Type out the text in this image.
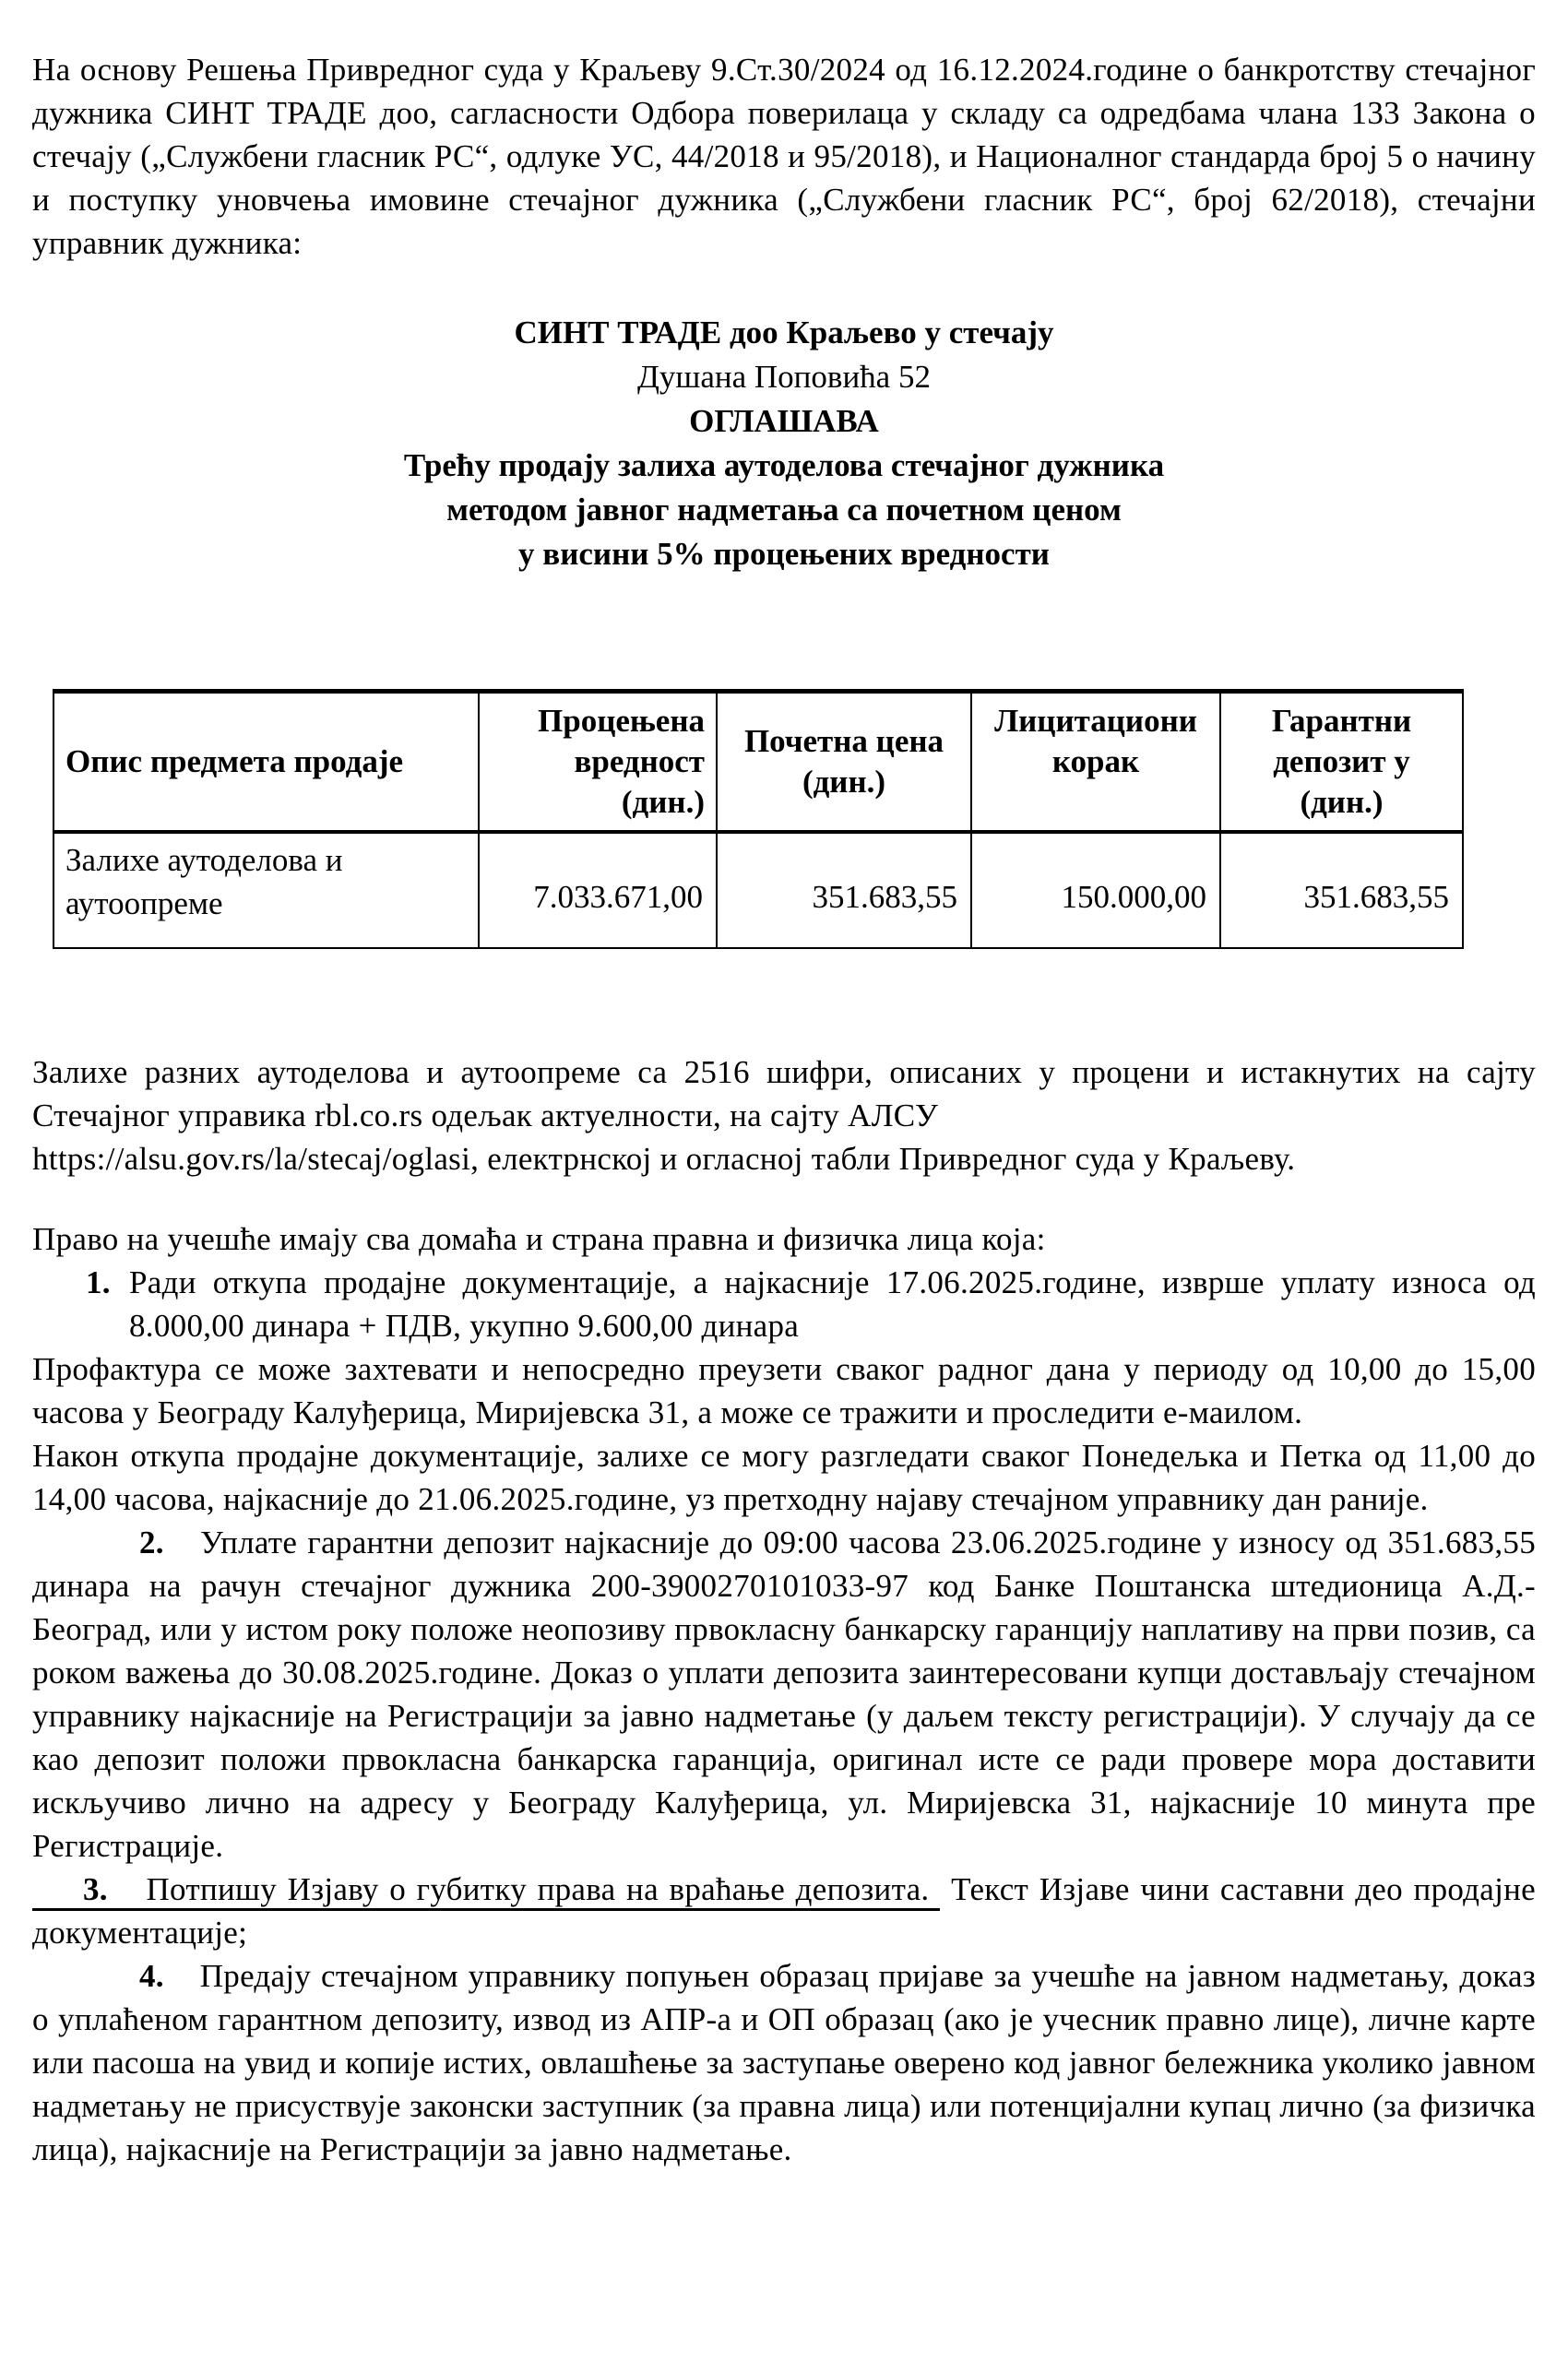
На основу Решења Привредног суда у Краљеву 9.Ст.30/2024 од 16.12.2024.године о банкротству стечајног дужника СИНТ ТРАДЕ доо, сагласности Одбора поверилаца у складу са одредбама члана 133 Закона о стечају („Службени гласник РС“, одлуке УС, 44/2018 и 95/2018), и Националног стандарда број 5 о начину и поступку уновчења имовине стечајног дужника („Службени гласник РС“, број 62/2018), стечајни управник дужника:

СИНТ ТРАДЕ доо Краљево у стечају
Душана Поповића 52
ОГЛАШАВА
Трећу продају залиха аутоделова стечајног дужника
методом јавног надметања са почетном ценом
у висини 5% процењених вредности
Опис предмета продаје	Процењена вредност (дин.)	Почетна цена (дин.)	Лицитациони корак	Гарантни депозит у (дин.)
Залихе аутоделова и аутоопреме	7.033.671,00	351.683,55	150.000,00	351.683,55

Залихе разних аутоделова и аутоопреме са 2516 шифри, описаних у процени и истакнутих на сајту Стечајног управика rbl.co.rs одељак актуелности, на сајту АЛСУ
https://alsu.gov.rs/la/stecaj/oglasi, електрнској и огласној табли Привредног суда у Краљеву.

Право на учешће имају сва домаћа и страна правна и физичка лица која:

1. Ради откупа продајне документације, а најкасније 17.06.2025.године, изврше уплату износа од 8.000,00 динара + ПДВ, укупно 9.600,00 динара

Профактура се може захтевати и непосредно преузети сваког радног дана у периоду од 10,00 до 15,00 часова у Београду Калуђерица, Миријевска 31, а може се тражити и проследити е-маилом.

Након откупа продајне документације, залихе се могу разгледати сваког Понедељка и Петка од 11,00 до 14,00 часова, најкасније до 21.06.2025.године, уз претходну најаву стечајном управнику дан раније.

2. Уплате гарантни депозит најкасније до 09:00 часова 23.06.2025.године у износу од 351.683,55 динара на рачун стечајног дужника 200-3900270101033-97 код Банке Поштанска штедионица А.Д.- Београд, или у истом року положе неопозиву првокласну банкарску гаранцију наплативу на први позив, са роком важења до 30.08.2025.године. Доказ о уплати депозита заинтересовани купци достављају стечајном управнику најкасније на Регистрацији за јавно надметање (у даљем тексту регистрацији). У случају да се као депозит положи првокласна банкарска гаранција, оригинал исте се ради провере мора доставити искључиво лично на адресу у Београду Калуђерица, ул. Миријевска 31, најкасније 10 минута пре Регистрације.

3. Потпишу Изјаву о губитку права на враћање депозита. Текст Изјаве чини саставни део продајне документације;

4. Предају стечајном управнику попуњен образац пријаве за учешће на јавном надметању, доказ о уплаћеном гарантном депозиту, извод из АПР-а и ОП образац (ако је учесник правно лице), личне карте или пасоша на увид и копије истих, овлашћење за заступање оверено код јавног бележника уколико јавном надметању не присуствује законски заступник (за правна лица) или потенцијални купац лично (за физичка лица), најкасније на Регистрацији за јавно надметање.
